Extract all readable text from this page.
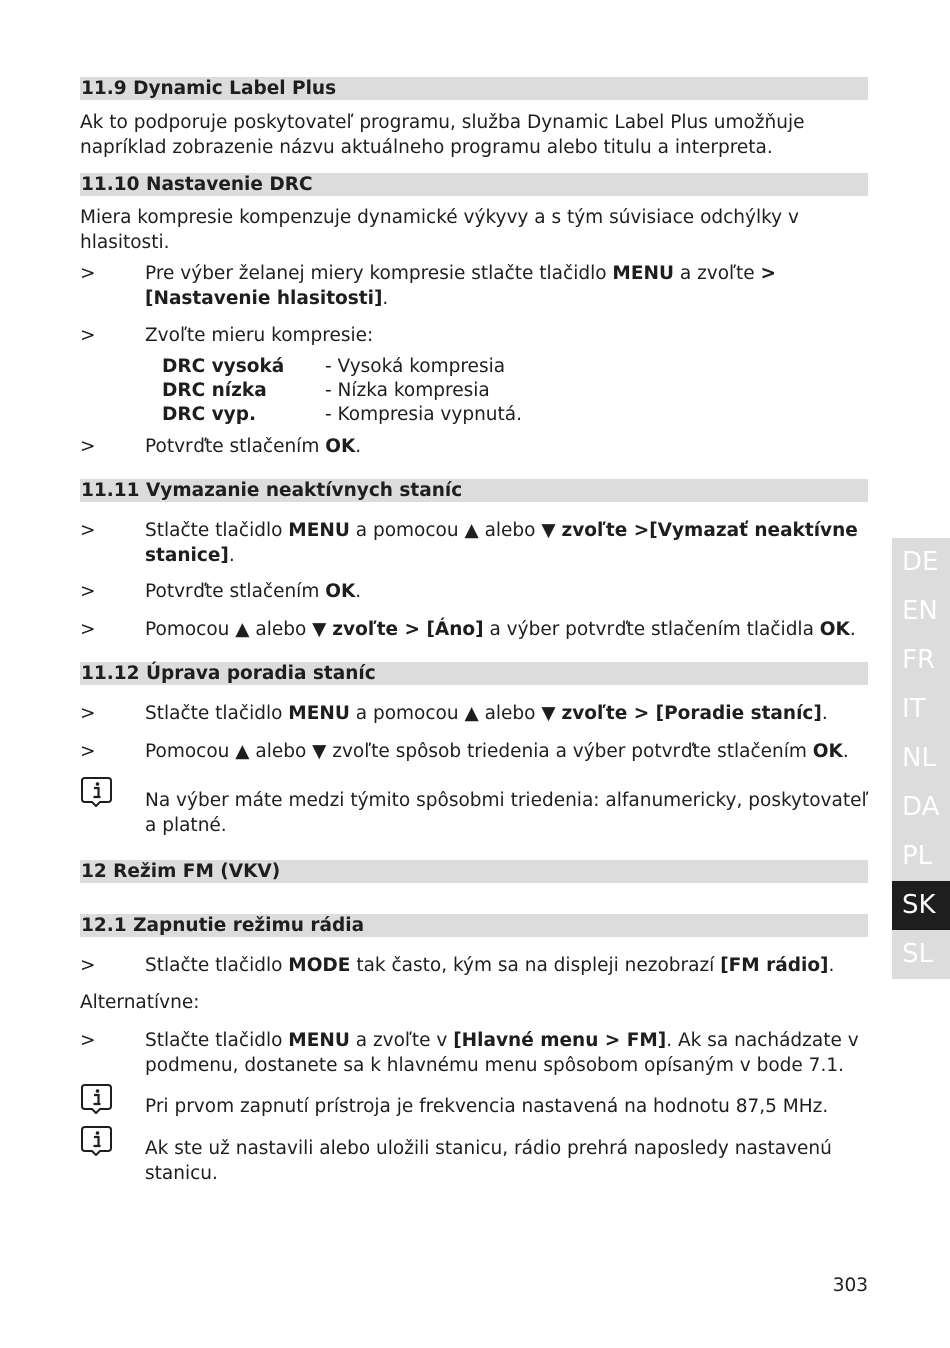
11.9 Dynamic Label Plus
Ak to podporuje poskytovateľ programu, služba Dynamic Label Plus umožňuje
napríklad zobrazenie názvu aktuálneho programu alebo titulu a interpreta.
11.10 Nastavenie DRC
Miera kompresie kompenzuje dynamické výkyvy a s tým súvisiace odchýlky v
hlasitosti.
>	Pre výber želanej miery kompresie stlačte tlačidlo MENU a zvoľte >
[Nastavenie hlasitosti].
>	Zvoľte mieru kompresie:
DRC vysoká - Vysoká kompresia
DRC nízka	- Nízka kompresia
DRC vyp.	- Kompresia vypnutá.
>	Potvrďte stlačením OK.
11.11 Vymazanie neaktívnych staníc
>	Stlačte tlačidlo MENU a pomocou ▲ alebo ▼ zvoľte >[Vymazať neaktívne
stanice].
>	Potvrďte stlačením OK.
>	Pomocou ▲ alebo ▼ zvoľte > [Áno] a výber potvrďte stlačením tlačidla OK.
11.12 Úprava poradia staníc
>	Stlačte tlačidlo MENU a pomocou ▲ alebo ▼ zvoľte > [Poradie staníc].
>	Pomocou ▲ alebo ▼ zvoľte spôsob triedenia a výber potvrďte stlačením OK.
Na výber máte medzi týmito spôsobmi triedenia: alfanumericky, poskytovateľ
a platné.
12 Režim FM (VKV)
12.1 Zapnutie režimu rádia
>	Stlačte tlačidlo MODE tak často, kým sa na displeji nezobrazí [FM rádio].
Alternatívne:
>	Stlačte tlačidlo MENU a zvoľte v [Hlavné menu > FM]. Ak sa nachádzate v
podmenu, dostanete sa k hlavnému menu spôsobom opísaným v bode 7.1.
Pri prvom zapnutí prístroja je frekvencia nastavená na hodnotu 87,5 MHz.
Ak ste už nastavili alebo uložili stanicu, rádio prehrá naposledy nastavenú
stanicu.
DE
EN
FR
IT
NL
DA
PL
SK
SL
303
